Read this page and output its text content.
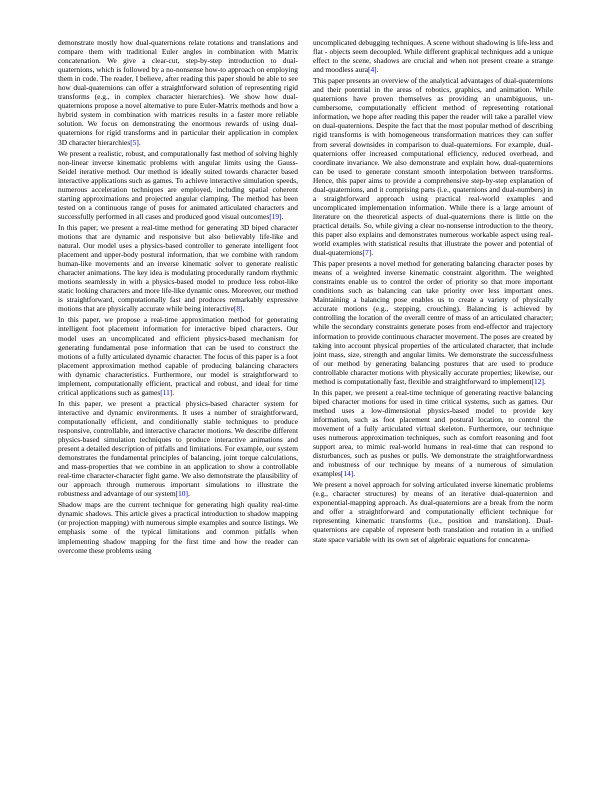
demonstrate mostly how dual-quaternions relate rotations and translations and compare them with traditional Euler angles in combination with Matrix concatenation. We give a clear-cut, step-by-step introduction to dual-quaternions, which is followed by a no-nonsense how-to approach on employing them in code. The reader, I believe, after reading this paper should be able to see how dual-quaternions can offer a straightforward solution of representing rigid transforms (e.g., in complex character hierarchies). We show how dual-quaternions propose a novel alternative to pure Euler-Matrix methods and how a hybrid system in combination with matrices results in a faster more reliable solution. We focus on demonstrating the enormous rewards of using dual-quaternions for rigid transforms and in particular their application in complex 3D character hierarchies[5].

We present a realistic, robust, and computationally fast method of solving highly non-linear inverse kinematic problems with angular limits using the Gauss-Seidel iterative method. Our method is ideally suited towards character based interactive applications such as games. To achieve interactive simulation speeds, numerous acceleration techniques are employed, including spatial coherent starting approximations and projected angular clamping. The method has been tested on a continuous range of poses for animated articulated characters and successfully performed in all cases and produced good visual outcomes[19].

In this paper, we present a real-time method for generating 3D biped character motions that are dynamic and responsive but also believably life-like and natural. Our model uses a physics-based controller to generate intelligent foot placement and upper-body postural information, that we combine with random human-like movements and an inverse kinematic solver to generate realistic character animations. The key idea is modulating procedurally random rhythmic motions seamlessly in with a physics-based model to produce less robot-like static looking characters and more life-like dynamic ones. Moreover, our method is straightforward, computationally fast and produces remarkably expressive motions that are physically accurate while being interactive[8].

In this paper, we propose a real-time approximation method for generating intelligent foot placement information for interactive biped characters. Our model uses an uncomplicated and efficient physics-based mechanism for generating fundamental pose information that can be used to construct the motions of a fully articulated dynamic character. The focus of this paper is a foot placement approximation method capable of producing balancing characters with dynamic characteristics. Furthermore, our model is straightforward to implement, computationally efficient, practical and robust, and ideal for time critical applications such as games[11].

In this paper, we present a practical physics-based character system for interactive and dynamic environments. It uses a number of straightforward, computationally efficient, and conditionally stable techniques to produce responsive, controllable, and interactive character motions. We describe different physics-based simulation techniques to produce interactive animations and present a detailed description of pitfalls and limitations. For example, our system demonstrates the fundamental principles of balancing, joint torque calculations, and mass-properties that we combine in an application to show a controllable real-time character-character fight game. We also demonstrate the plausibility of our approach through numerous important simulations to illustrate the robustness and advantage of our system[10].

Shadow maps are the current technique for generating high quality real-time dynamic shadows. This article gives a practical introduction to shadow mapping (or projection mapping) with numerous simple examples and source listings. We emphasis some of the typical limitations and common pitfalls when implementing shadow mapping for the first time and how the reader can overcome these problems using

uncomplicated debugging techniques. A scene without shadowing is life-less and flat - objects seem decoupled. While different graphical techniques add a unique effect to the scene, shadows are crucial and when not present create a strange and moodless aura[4].

This paper presents an overview of the analytical advantages of dual-quaternions and their potential in the areas of robotics, graphics, and animation. While quaternions have proven themselves as providing an unambiguous, un-cumbersome, computationally efficient method of representing rotational information, we hope after reading this paper the reader will take a parallel view on dual-quaternions. Despite the fact that the most popular method of describing rigid transforms is with homogeneous transformation matrices they can suffer from several downsides in comparison to dual-quaternions. For example, dual-quaternions offer increased computational efficiency, reduced overhead, and coordinate invariance. We also demonstrate and explain how, dual-quaternions can be used to generate constant smooth interpolation between transforms. Hence, this paper aims to provide a comprehensive step-by-step explanation of dual-quaternions, and it comprising parts (i.e., quaternions and dual-numbers) in a straightforward approach using practical real-world examples and uncomplicated implementation information. While there is a large amount of literature on the theoretical aspects of dual-quaternions there is little on the practical details. So, while giving a clear no-nonsense introduction to the theory, this paper also explains and demonstrates numerous workable aspect using real-world examples with statistical results that illustrate the power and potential of dual-quaternions[7].

This paper presents a novel method for generating balancing character poses by means of a weighted inverse kinematic constraint algorithm. The weighted constraints enable us to control the order of priority so that more important conditions such as balancing can take priority over less important ones. Maintaining a balancing pose enables us to create a variety of physically accurate motions (e.g., stepping, crouching). Balancing is achieved by controlling the location of the overall centre of mass of an articulated character; while the secondary constraints generate poses from end-effector and trajectory information to provide continuous character movement. The poses are created by taking into account physical properties of the articulated character, that include joint mass, size, strength and angular limits. We demonstrate the successfulness of our method by generating balancing postures that are used to produce controllable character motions with physically accurate properties; likewise, our method is computationally fast, flexible and straightforward to implement[12].

In this paper, we present a real-time technique of generating reactive balancing biped character motions for used in time critical systems, such as games. Our method uses a low-dimensional physics-based model to provide key information, such as foot placement and postural location, to control the movement of a fully articulated virtual skeleton. Furthermore, our technique uses numerous approximation techniques, such as comfort reasoning and foot support area, to mimic real-world humans in real-time that can respond to disturbances, such as pushes or pulls. We demonstrate the straightforwardness and robustness of our technique by means of a numerous of simulation examples[14].

We present a novel approach for solving articulated inverse kinematic problems (e.g., character structures) by means of an iterative dual-quaternion and exponential-mapping approach. As dual-quaternions are a break from the norm and offer a straightforward and computationally efficient technique for representing kinematic transforms (i.e., position and translation). Dual-quaternions are capable of represent both translation and rotation in a unified state space variable with its own set of algebraic equations for concatena-
